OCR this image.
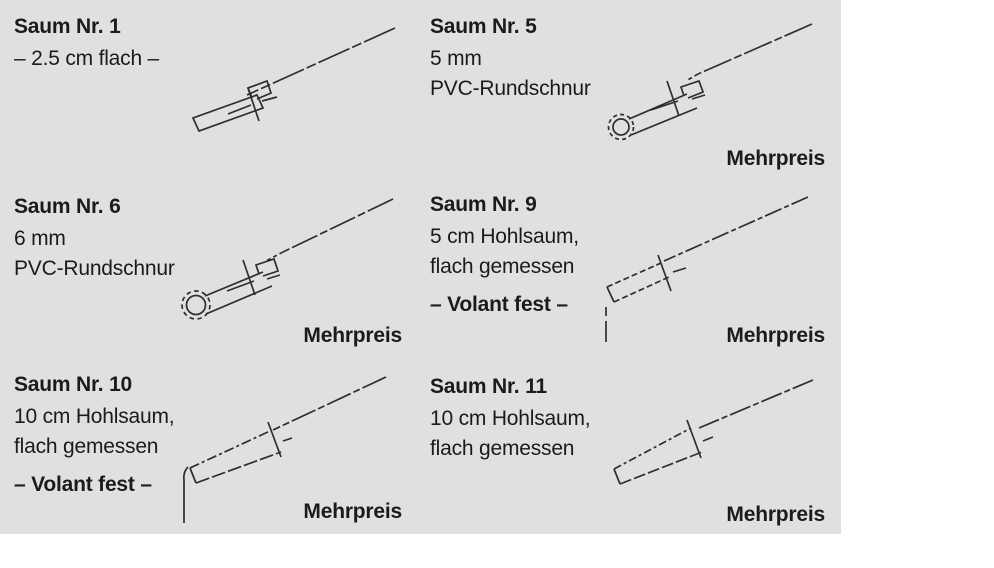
Saum Nr. 1
– 2.5 cm flach –
Saum Nr. 5
5 mm
PVC-Rundschnur
Saum Nr. 6
6 mm
PVC-Rundschnur
Saum Nr. 9
5 cm Hohlsaum,
flach gemessen
– Volant fest –
Saum Nr. 10
10 cm Hohlsaum,
flach gemessen
– Volant fest –
Saum Nr. 11
10 cm Hohlsaum,
flach gemessen
Mehrpreis
Mehrpreis	Mehrpreis
Mehrpreis	Mehrpreis
